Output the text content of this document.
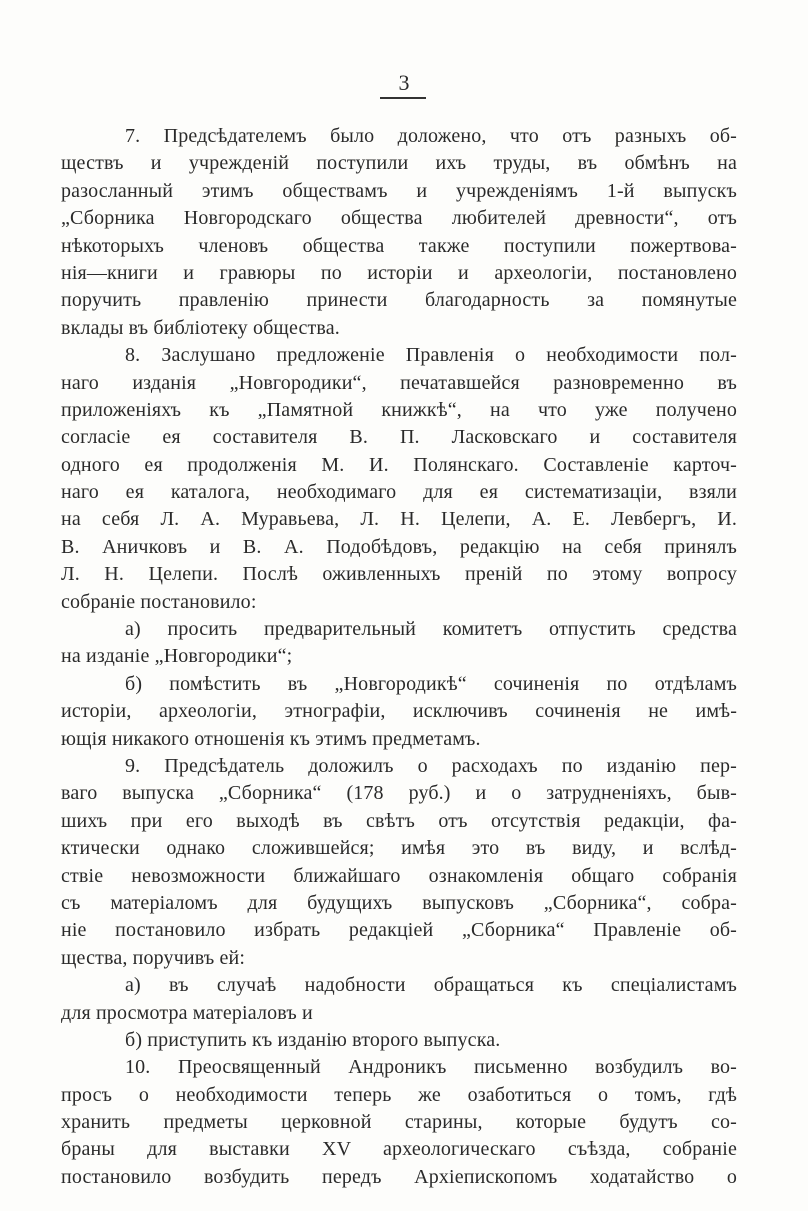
3
7. Предсѣдателемъ было доложено, что отъ разныхъ об-
ществъ и учрежденій поступили ихъ труды, въ обмѣнъ на
разосланный этимъ обществамъ и учрежденіямъ 1-й выпускъ
„Сборника Новгородскаго общества любителей древности“, отъ
нѣкоторыхъ членовъ общества также поступили пожертвова-
нія—книги и гравюры по исторіи и археологіи, постановлено
поручить правленію принести благодарность за помянутые
вклады въ библіотеку общества.
8. Заслушано предложеніе Правленія о необходимости пол-
наго изданія „Новгородики“, печатавшейся разновременно въ
приложеніяхъ къ „Памятной книжкѣ“, на что уже получено
согласіе ея составителя В. П. Ласковскаго и составителя
одного ея продолженія М. И. Полянскаго. Составленіе карточ-
наго ея каталога, необходимаго для ея систематизаціи, взяли
на себя Л. А. Муравьева, Л. Н. Целепи, А. Е. Левбергъ, И.
В. Аничковъ и В. А. Подобѣдовъ, редакцію на себя принялъ
Л. Н. Целепи. Послѣ оживленныхъ преній по этому вопросу
собраніе постановило:
а) просить предварительный комитетъ отпустить средства
на изданіе „Новгородики“;
б) помѣстить въ „Новгородикѣ“ сочиненія по отдѣламъ
исторіи, археологіи, этнографіи, исключивъ сочиненія не имѣ-
ющія никакого отношенія къ этимъ предметамъ.
9. Предсѣдатель доложилъ о расходахъ по изданію пер-
ваго выпуска „Сборника“ (178 руб.) и о затрудненіяхъ, быв-
шихъ при его выходѣ въ свѣтъ отъ отсутствія редакціи, фа-
ктически однако сложившейся; имѣя это въ виду, и вслѣд-
ствіе невозможности ближайшаго ознакомленія общаго собранія
съ матеріаломъ для будущихъ выпусковъ „Сборника“, собра-
ніе постановило избрать редакціей „Сборника“ Правленіе об-
щества, поручивъ ей:
а) въ случаѣ надобности обращаться къ спеціалистамъ
для просмотра матеріаловъ и
б) приступить къ изданію второго выпуска.
10. Преосвященный Андроникъ письменно возбудилъ во-
просъ о необходимости теперь же озаботиться о томъ, гдѣ
хранить предметы церковной старины, которые будутъ со-
браны для выставки XV археологическаго съѣзда, собраніе
постановило возбудить передъ Архіепископомъ ходатайство о
